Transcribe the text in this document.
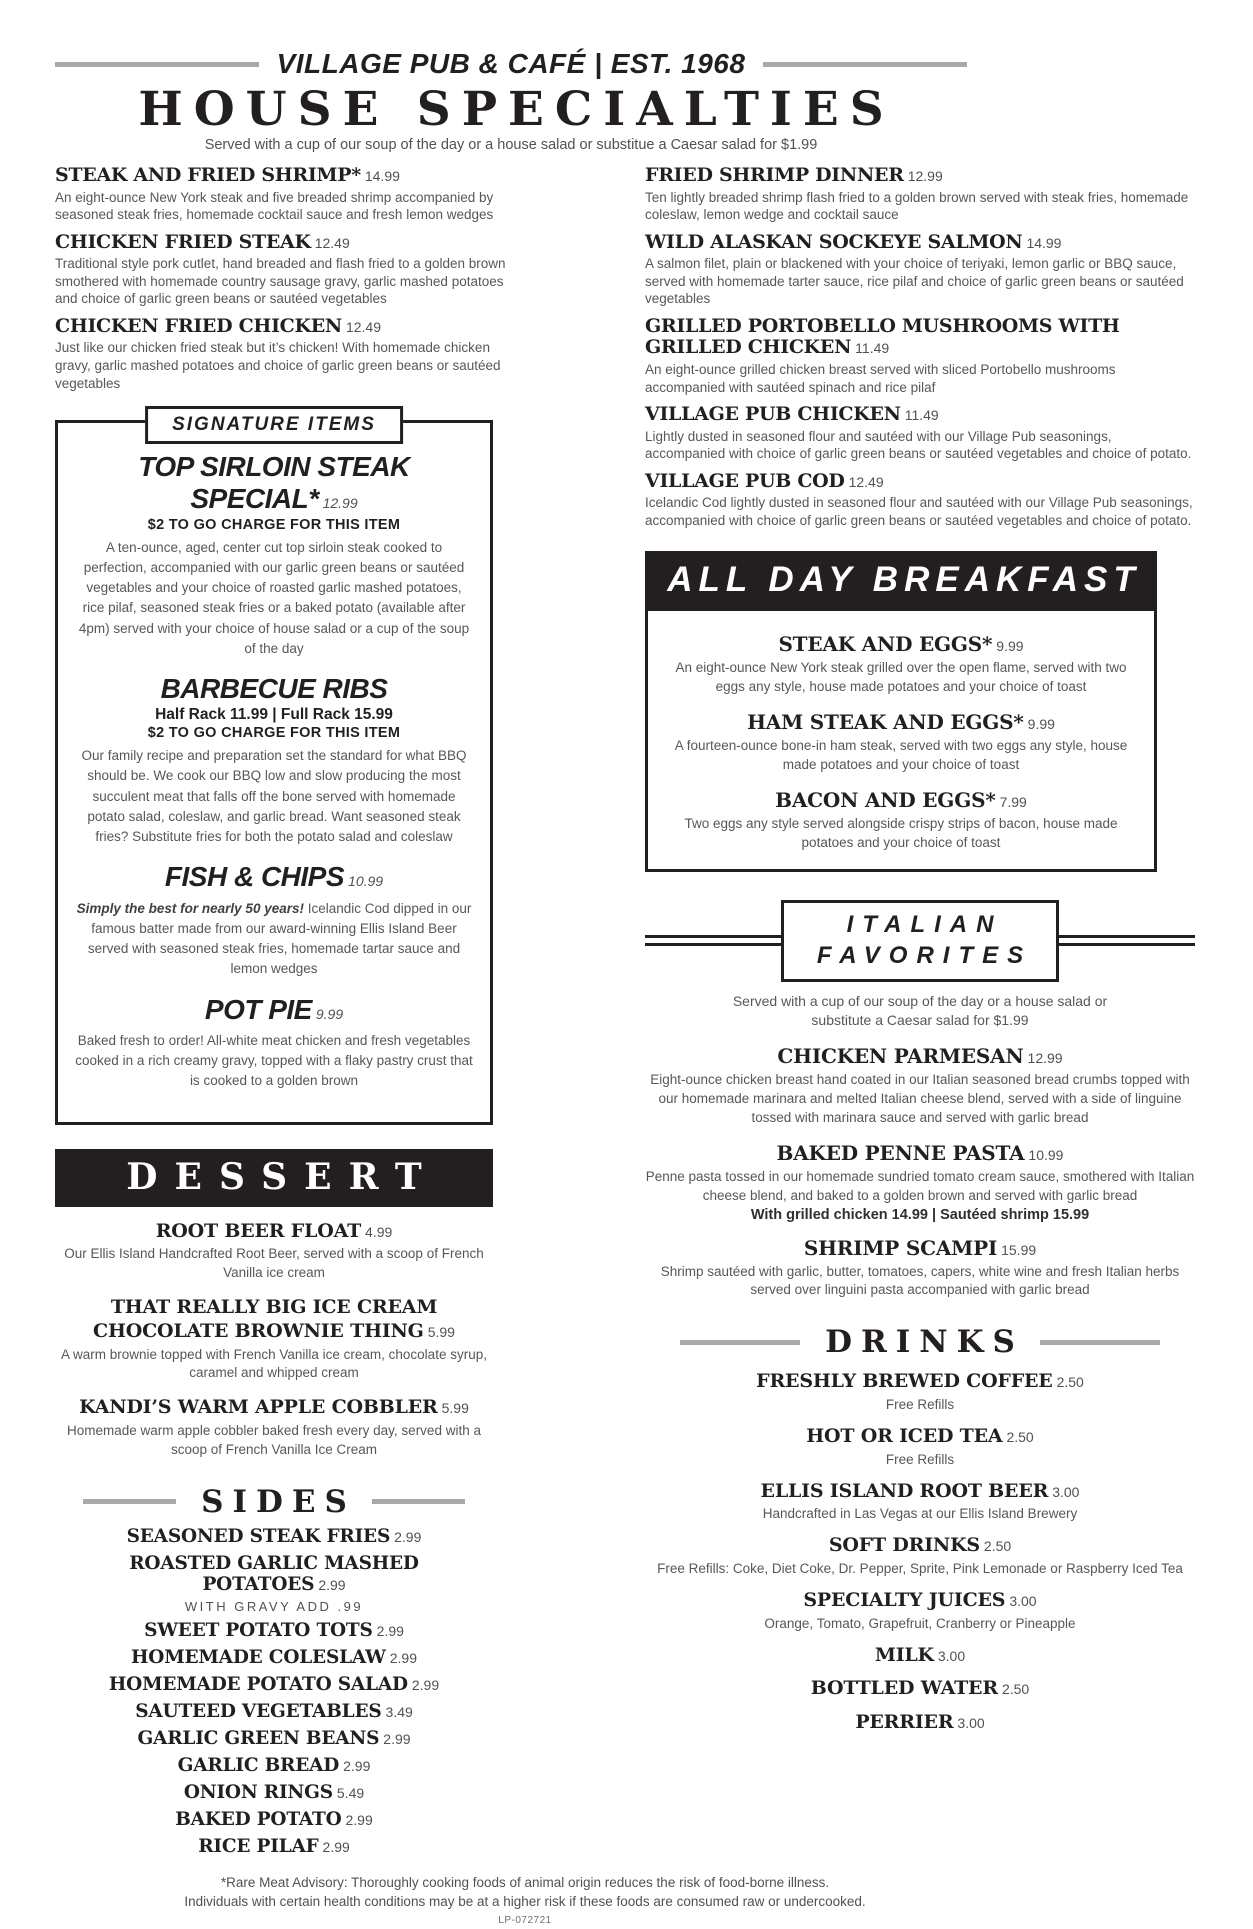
VILLAGE PUB & CAFÉ | EST. 1968
HOUSE SPECIALTIES
Served with a cup of our soup of the day or a house salad or substitue a Caesar salad for $1.99
STEAK AND FRIED SHRIMP* 14.99

An eight-ounce New York steak and five breaded shrimp accompanied by seasoned steak fries, homemade cocktail sauce and fresh lemon wedges

CHICKEN FRIED STEAK 12.49

Traditional style pork cutlet, hand breaded and flash fried to a golden brown smothered with homemade country sausage gravy, garlic mashed potatoes and choice of garlic green beans or sautéed vegetables

CHICKEN FRIED CHICKEN 12.49

Just like our chicken fried steak but it’s chicken! With homemade chicken gravy, garlic mashed potatoes and choice of garlic green beans or sautéed vegetables

SIGNATURE ITEMS
TOP SIRLOIN STEAK SPECIAL* 12.99
$2 TO GO CHARGE FOR THIS ITEM

A ten-ounce, aged, center cut top sirloin steak cooked to perfection, accompanied with our garlic green beans or sautéed vegetables and your choice of roasted garlic mashed potatoes, rice pilaf, seasoned steak fries or a baked potato (available after 4pm) served with your choice of house salad or a cup of the soup of the day

BARBECUE RIBS
Half Rack 11.99 | Full Rack 15.99
$2 TO GO CHARGE FOR THIS ITEM

Our family recipe and preparation set the standard for what BBQ should be. We cook our BBQ low and slow producing the most succulent meat that falls off the bone served with homemade potato salad, coleslaw, and garlic bread. Want seasoned steak fries? Substitute fries for both the potato salad and coleslaw

FISH & CHIPS 10.99

Simply the best for nearly 50 years! Icelandic Cod dipped in our famous batter made from our award-winning Ellis Island Beer served with seasoned steak fries, homemade tartar sauce and lemon wedges

POT PIE 9.99

Baked fresh to order! All-white meat chicken and fresh vegetables cooked in a rich creamy gravy, topped with a flaky pastry crust that is cooked to a golden brown

DESSERT
ROOT BEER FLOAT 4.99

Our Ellis Island Handcrafted Root Beer, served with a scoop of French Vanilla ice cream

THAT REALLY BIG ICE CREAM CHOCOLATE BROWNIE THING 5.99

A warm brownie topped with French Vanilla ice cream, chocolate syrup, caramel and whipped cream

KANDI’S WARM APPLE COBBLER 5.99

Homemade warm apple cobbler baked fresh every day, served with a scoop of French Vanilla Ice Cream

SIDES
SEASONED STEAK FRIES 2.99
ROASTED GARLIC MASHED POTATOES 2.99
WITH GRAVY ADD .99
SWEET POTATO TOTS 2.99
HOMEMADE COLESLAW 2.99
HOMEMADE POTATO SALAD 2.99
SAUTEED VEGETABLES 3.49
GARLIC GREEN BEANS 2.99
GARLIC BREAD 2.99
ONION RINGS 5.49
BAKED POTATO 2.99
RICE PILAF 2.99
FRIED SHRIMP DINNER 12.99

Ten lightly breaded shrimp flash fried to a golden brown served with steak fries, homemade coleslaw, lemon wedge and cocktail sauce

WILD ALASKAN SOCKEYE SALMON 14.99

A salmon filet, plain or blackened with your choice of teriyaki, lemon garlic or BBQ sauce, served with homemade tarter sauce, rice pilaf and choice of garlic green beans or sautéed vegetables

GRILLED PORTOBELLO MUSHROOMS WITH GRILLED CHICKEN 11.49

An eight-ounce grilled chicken breast served with sliced Portobello mushrooms accompanied with sautéed spinach and rice pilaf

VILLAGE PUB CHICKEN 11.49

Lightly dusted in seasoned flour and sautéed with our Village Pub seasonings, accompanied with choice of garlic green beans or sautéed vegetables and choice of potato.

VILLAGE PUB COD 12.49

Icelandic Cod lightly dusted in seasoned flour and sautéed with our Village Pub seasonings, accompanied with choice of garlic green beans or sautéed vegetables and choice of potato.

ALL DAY BREAKFAST
STEAK AND EGGS* 9.99

An eight-ounce New York steak grilled over the open flame, served with two eggs any style, house made potatoes and your choice of toast

HAM STEAK AND EGGS* 9.99

A fourteen-ounce bone-in ham steak, served with two eggs any style, house made potatoes and your choice of toast

BACON AND EGGS* 7.99

Two eggs any style served alongside crispy strips of bacon, house made potatoes and your choice of toast

ITALIAN
FAVORITES
Served with a cup of our soup of the day or a house salad or substitute a Caesar salad for $1.99
CHICKEN PARMESAN 12.99

Eight-ounce chicken breast hand coated in our Italian seasoned bread crumbs topped with our homemade marinara and melted Italian cheese blend, served with a side of linguine tossed with marinara sauce and served with garlic bread

BAKED PENNE PASTA 10.99

Penne pasta tossed in our homemade sundried tomato cream sauce, smothered with Italian cheese blend, and baked to a golden brown and served with garlic bread

With grilled chicken 14.99 | Sautéed shrimp 15.99
SHRIMP SCAMPI 15.99

Shrimp sautéed with garlic, butter, tomatoes, capers, white wine and fresh Italian herbs served over linguini pasta accompanied with garlic bread

DRINKS
FRESHLY BREWED COFFEE 2.50

Free Refills

HOT OR ICED TEA 2.50

Free Refills

ELLIS ISLAND ROOT BEER 3.00

Handcrafted in Las Vegas at our Ellis Island Brewery

SOFT DRINKS 2.50

Free Refills: Coke, Diet Coke, Dr. Pepper, Sprite, Pink Lemonade or Raspberry Iced Tea

SPECIALTY JUICES 3.00

Orange, Tomato, Grapefruit, Cranberry or Pineapple

MILK 3.00
BOTTLED WATER 2.50
PERRIER 3.00
*Rare Meat Advisory: Thoroughly cooking foods of animal origin reduces the risk of food-borne illness.
Individuals with certain health conditions may be at a higher risk if these foods are consumed raw or undercooked.
LP-072721
